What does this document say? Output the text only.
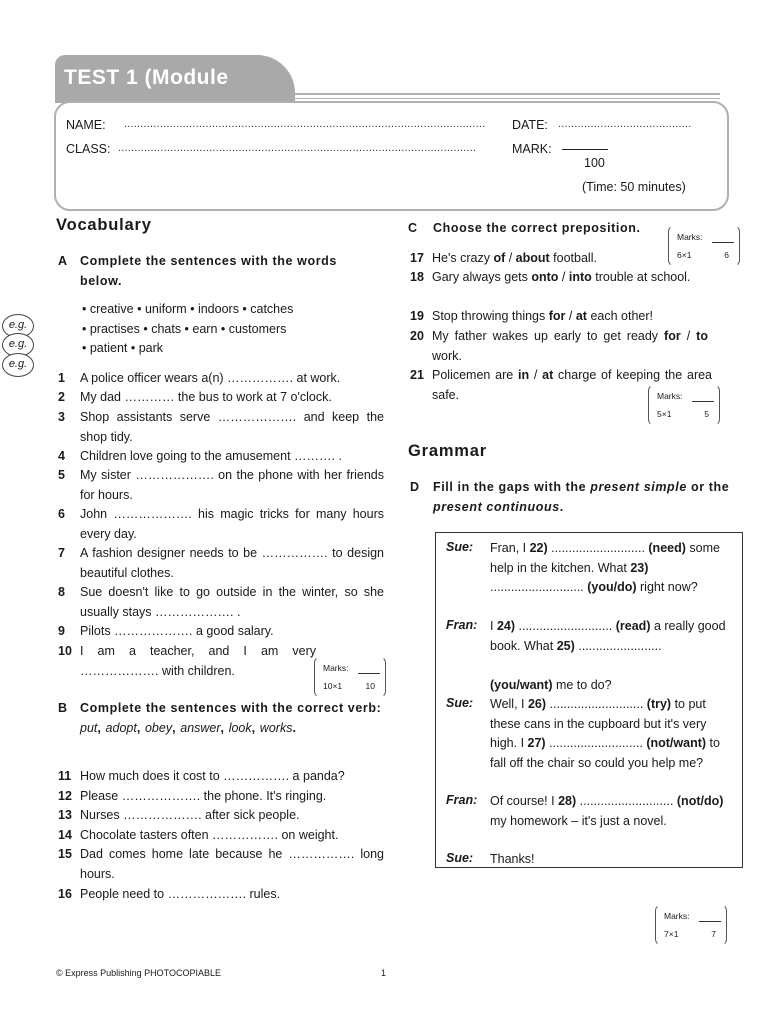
TEST 1 (Module
NAME: ...............................................................................................................	DATE: .........................................
CLASS: ..............................................................................................................	MARK:
100
(Time: 50 minutes)
e.g.
e.g.
e.g.
Vocabulary
A Complete the sentences with the words below.
• creative • uniform • indoors • catches
• practises • chats • earn • customers
• patient • park
1 A police officer wears a(n) ……………. at work.
2 My dad ………… the bus to work at 7 o'clock.
3 Shop assistants serve ………………. and keep the shop tidy.
4 Children love going to the amusement ………. .
5 My sister ………………. on the phone with her friends for hours.
6 John ………………. his magic tricks for many hours every day.
7 A fashion designer needs to be ……………. to design beautiful clothes.
8 Sue doesn't like to go outside in the winter, so she usually stays ………………. .
9 Pilots ………………. a good salary.
10 I am a teacher, and I am very ………………. with children.	Marks:
10×1	10
B Complete the sentences with the correct verb: put, adopt, obey, answer, look, works.
11 How much does it cost to ……………. a panda?
12 Please ………………. the phone. It's ringing.
13 Nurses ………………. after sick people.
14 Chocolate tasters often ……………. on weight.
15 Dad comes home late because he ……………. long hours.
16 People need to ………………. rules.
C Choose the correct preposition.
Marks:
6×1	6
17 He's crazy of / about football.
18 Gary always gets onto / into trouble at school.
19 Stop throwing things for / at each other!
20 My father wakes up early to get ready for / to work.
21 Policemen are in / at charge of keeping the area safe.	Marks:
5×1	5
Grammar
D Fill in the gaps with the present simple or the present continuous.
Sue: Fran, I 22) ........................... (need) some help in the kitchen. What 23) ........................... (you/do) right now?
Fran: I 24) ........................... (read) a really good book. What 25) ........................

(you/want) me to do?
Sue: Well, I 26) ........................... (try) to put these cans in the cupboard but it's very high. I 27) ........................... (not/want) to fall off the chair so could you help me?
Fran: Of course! I 28) ........................... (not/do) my homework – it's just a novel.
Sue: Thanks!
Marks:
7×1	7
© Express Publishing PHOTOCOPIABLE	1
